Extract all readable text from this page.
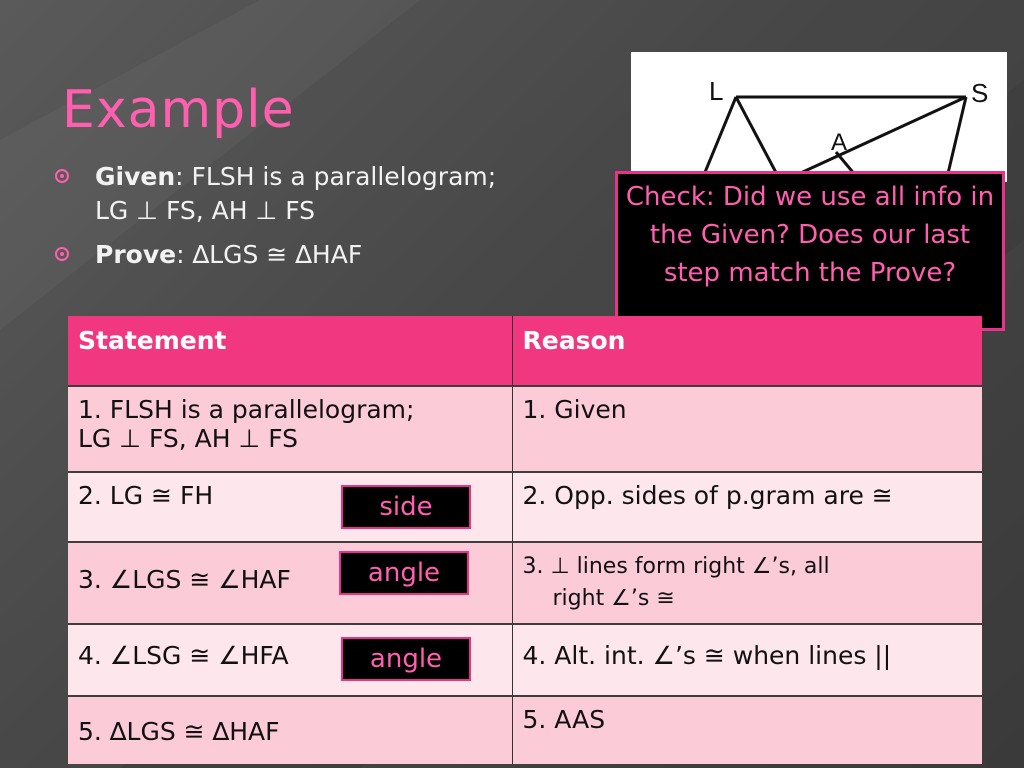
Example
Given: FLSH is a parallelogram;
LG ⊥ FS, AH ⊥ FS
Prove: ∆LGS ≅ ∆HAF
L	S
A
Check: Did we use all info in the Given? Does our last step match the Prove?
Statement	Reason
1. FLSH is a parallelogram;
LG ⊥ FS, AH ⊥ FS	1. Given
2. LG ≅ FH side	2. Opp. sides of p.gram are ≅
3. ∠LGS ≅ ∠HAF angle	3. ⊥ lines form right ∠’s, all
right ∠’s ≅
4. ∠LSG ≅ ∠HFA angle	4. Alt. int. ∠’s ≅ when lines ||
5. ∆LGS ≅ ∆HAF	5. AAS
